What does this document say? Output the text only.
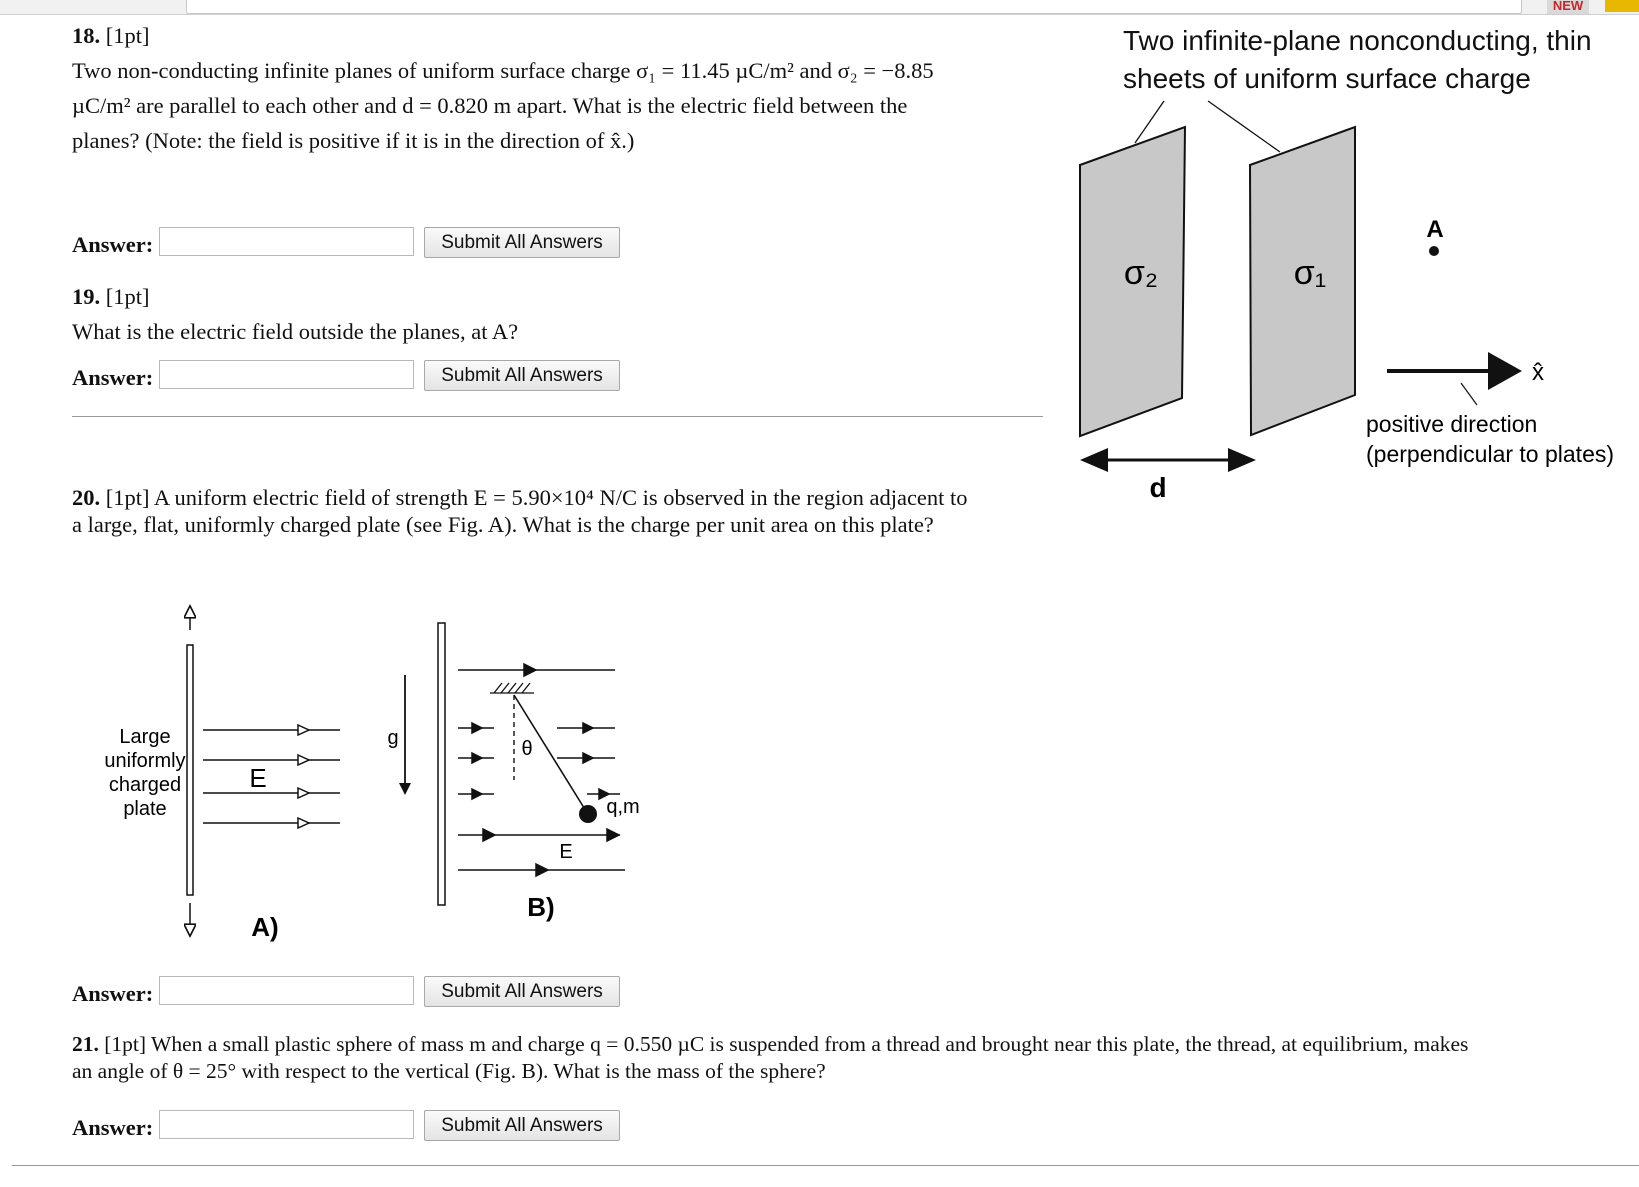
NEW
18. [1pt]
Two non-conducting infinite planes of uniform surface charge σ₁ = 11.45 µC/m² and σ₂ = −8.85
µC/m² are parallel to each other and d = 0.820 m apart. What is the electric field between the
planes? (Note: the field is positive if it is in the direction of x̂.)
Answer:	Submit All Answers
19. [1pt]
What is the electric field outside the planes, at A?
Answer:	Submit All Answers
20. [1pt] A uniform electric field of strength E = 5.90×10⁴ N/C is observed in the region adjacent to
a large, flat, uniformly charged plate (see Fig. A). What is the charge per unit area on this plate?
Large
uniformly
charged
plate
E
A)
g	θ
q,m
E
B)
Answer:	Submit All Answers
21. [1pt] When a small plastic sphere of mass m and charge q = 0.550 µC is suspended from a thread and brought near this plate, the thread, at equilibrium, makes
an angle of θ = 25° with respect to the vertical (Fig. B). What is the mass of the sphere?
Answer:	Submit All Answers
Two infinite-plane nonconducting, thin
sheets of uniform surface charge
σ₂	σ₁
A
x̂
positive direction
(perpendicular to plates)
d
